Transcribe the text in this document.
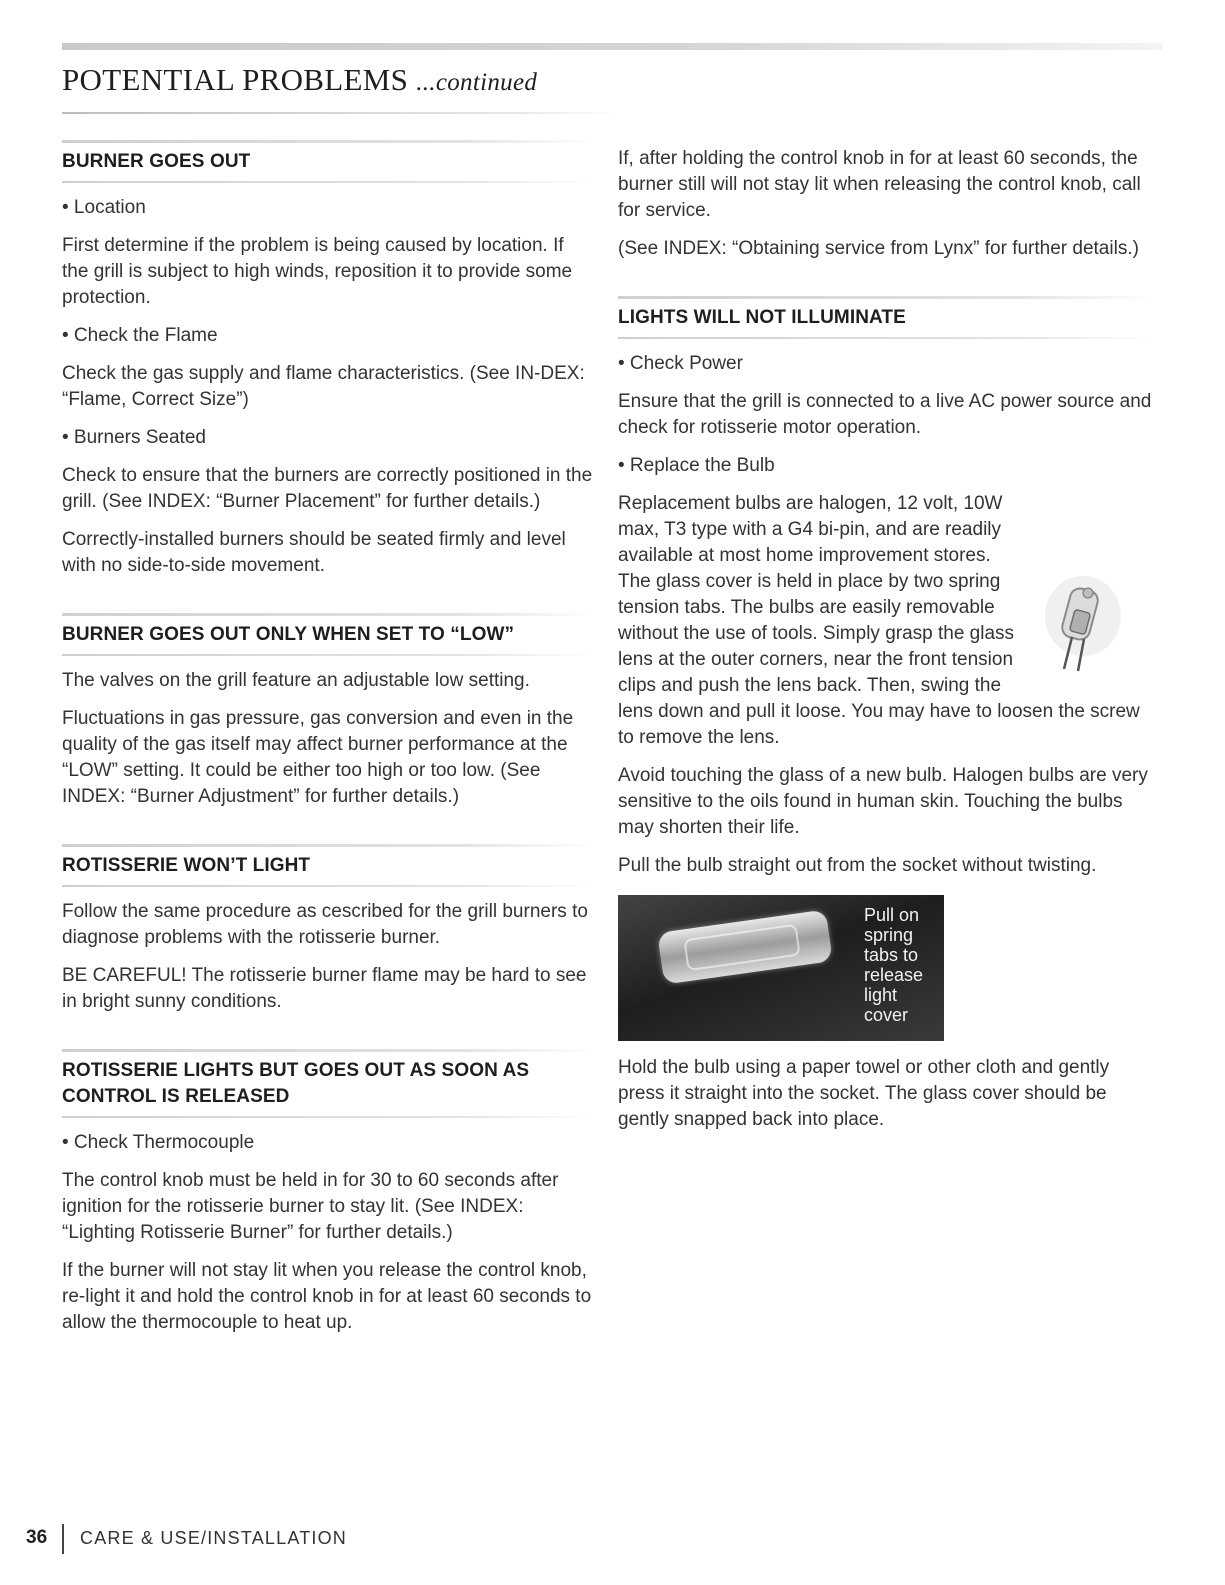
POTENTIAL PROBLEMS ...continued
BURNER GOES OUT

• Location

First determine if the problem is being caused by location. If the grill is subject to high winds, reposition it to provide some protection.

• Check the Flame

Check the gas supply and flame characteristics. (See IN-DEX: “Flame, Correct Size”)

• Burners Seated

Check to ensure that the burners are correctly positioned in the grill. (See INDEX: “Burner Placement” for further details.)

Correctly-installed burners should be seated firmly and level with no side-to-side movement.

BURNER GOES OUT ONLY WHEN SET TO “LOW”

The valves on the grill feature an adjustable low setting.

Fluctuations in gas pressure, gas conversion and even in the quality of the gas itself may affect burner performance at the “LOW” setting. It could be either too high or too low. (See INDEX: “Burner Adjustment” for further details.)

ROTISSERIE WON’T LIGHT

Follow the same procedure as cescribed for the grill burners to diagnose problems with the rotisserie burner.

BE CAREFUL! The rotisserie burner flame may be hard to see in bright sunny conditions.

ROTISSERIE LIGHTS BUT GOES OUT AS SOON AS CONTROL IS RELEASED

• Check Thermocouple

The control knob must be held in for 30 to 60 seconds after ignition for the rotisserie burner to stay lit. (See INDEX: “Lighting Rotisserie Burner” for further details.)

If the burner will not stay lit when you release the control knob, re-light it and hold the control knob in for at least 60 seconds to allow the thermocouple to heat up.

If, after holding the control knob in for at least 60 seconds, the burner still will not stay lit when releasing the control knob, call for service.

(See INDEX: “Obtaining service from Lynx” for further details.)

LIGHTS WILL NOT ILLUMINATE

• Check Power

Ensure that the grill is connected to a live AC power source and check for rotisserie motor operation.

• Replace the Bulb

Replacement bulbs are halogen, 12 volt, 10W max, T3 type with a G4 bi-pin, and are readily available at most home improvement stores. The glass cover is held in place by two spring tension tabs. The bulbs are easily removable without the use of tools. Simply grasp the glass lens at the outer corners, near the front tension clips and push the lens back. Then, swing the lens down and pull it loose. You may have to loosen the screw to remove the lens.

Avoid touching the glass of a new bulb. Halogen bulbs are very sensitive to the oils found in human skin. Touching the bulbs may shorten their life.

Pull the bulb straight out from the socket without twisting.

Pull on spring tabs to release light cover

Hold the bulb using a paper towel or other cloth and gently press it straight into the socket. The glass cover should be gently snapped back into place.

36 CARE & USE/INSTALLATION
